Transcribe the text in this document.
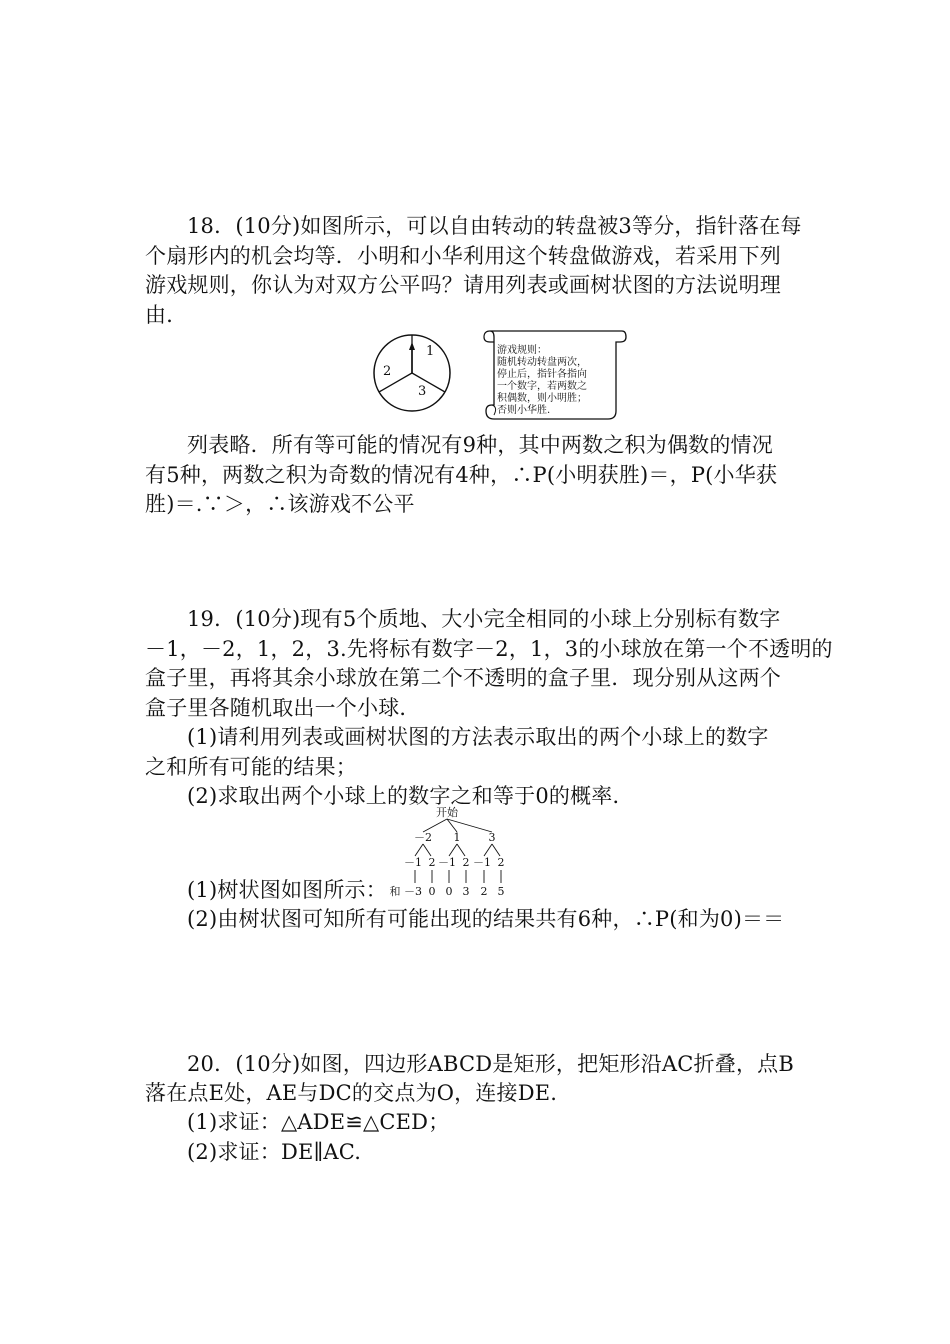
18．(10分)如图所示，可以自由转动的转盘被3等分，指针落在每
个扇形内的机会均等．小明和小华利用这个转盘做游戏，若采用下列
游戏规则，你认为对双方公平吗？请用列表或画树状图的方法说明理
由．
1
2
3
游戏规则：
随机转动转盘两次，
停止后，指针各指向
一个数字，若两数之
积偶数，则小明胜；
否则小华胜.
列表略．所有等可能的情况有9种，其中两数之积为偶数的情况
有5种，两数之积为奇数的情况有4种，∴P(小明获胜)＝，P(小华获
胜)＝.∵＞，∴该游戏不公平
19．(10分)现有5个质地、大小完全相同的小球上分别标有数字
－1，－2，1，2，3.先将标有数字－2，1，3的小球放在第一个不透明的
盒子里，再将其余小球放在第二个不透明的盒子里．现分别从这两个
盒子里各随机取出一个小球．
(1)请利用列表或画树状图的方法表示取出的两个小球上的数字
之和所有可能的结果；
(2)求取出两个小球上的数字之和等于0的概率．
开始
－2 1	3
－1 2 －1 2 －1 2
和 －3 0 0 3 2 5
(1)树状图如图所示：
(2)由树状图可知所有可能出现的结果共有6种，∴P(和为0)＝＝
20．(10分)如图，四边形ABCD是矩形，把矩形沿AC折叠，点B
落在点E处，AE与DC的交点为O，连接DE.
(1)求证：△ADE≌△CED；
(2)求证：DE∥AC.
